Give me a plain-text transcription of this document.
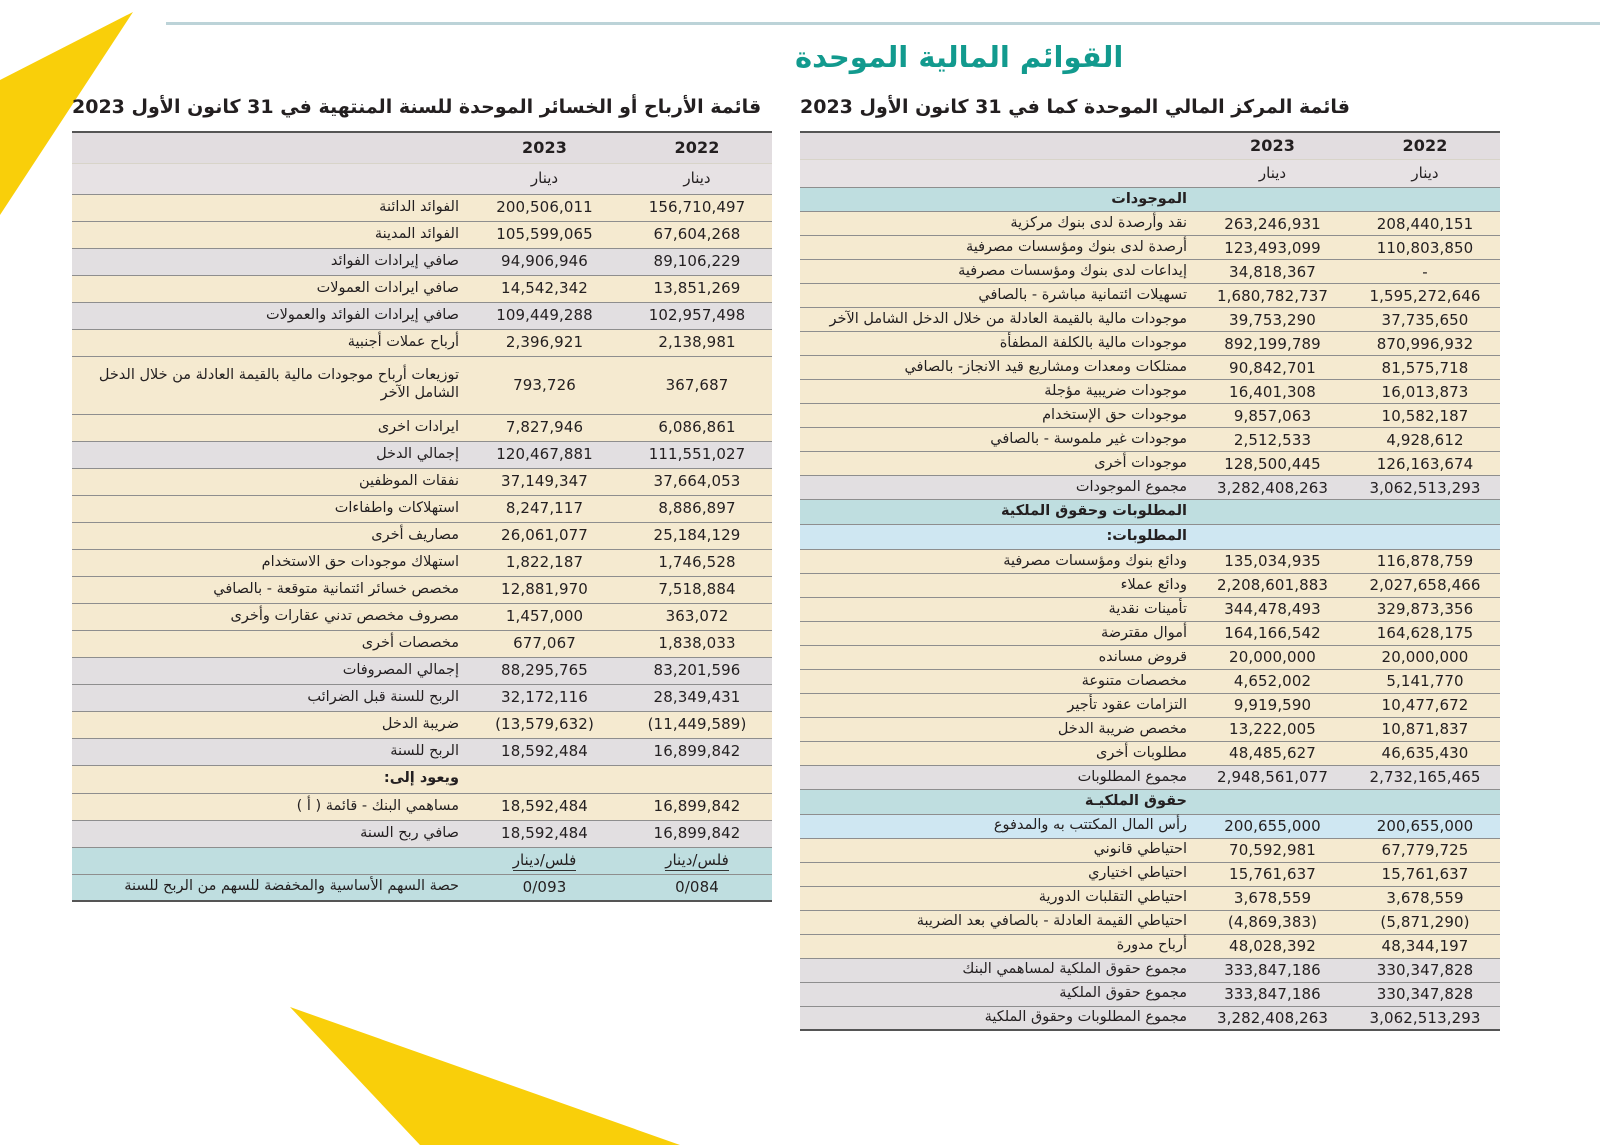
القوائم المالية الموحدة
قائمة المركز المالي الموحدة كما في 31 كانون الأول 2023
2022	2023	
دينار	دينار	
		الموجودات
208,440,151	263,246,931	نقد وأرصدة لدى بنوك مركزية
110,803,850	123,493,099	أرصدة لدى بنوك ومؤسسات مصرفية
-	34,818,367	إيداعات لدى بنوك ومؤسسات مصرفية
1,595,272,646	1,680,782,737	تسهيلات ائتمانية مباشرة - بالصافي
37,735,650	39,753,290	موجودات مالية بالقيمة العادلة من خلال الدخل الشامل الآخر
870,996,932	892,199,789	موجودات مالية بالكلفة المطفأة
81,575,718	90,842,701	ممتلكات ومعدات ومشاريع قيد الانجاز- بالصافي
16,013,873	16,401,308	موجودات ضريبية مؤجلة
10,582,187	9,857,063	موجودات حق الإستخدام
4,928,612	2,512,533	موجودات غير ملموسة - بالصافي
126,163,674	128,500,445	موجودات أخرى
3,062,513,293	3,282,408,263	مجموع الموجودات
		المطلوبات وحقوق الملكية
		المطلوبات:
116,878,759	135,034,935	ودائع بنوك ومؤسسات مصرفية
2,027,658,466	2,208,601,883	ودائع عملاء
329,873,356	344,478,493	تأمينات نقدية
164,628,175	164,166,542	أموال مقترضة
20,000,000	20,000,000	قروض مسانده
5,141,770	4,652,002	مخصصات متنوعة
10,477,672	9,919,590	التزامات عقود تأجير
10,871,837	13,222,005	مخصص ضريبة الدخل
46,635,430	48,485,627	مطلوبات أخرى
2,732,165,465	2,948,561,077	مجموع المطلوبات
		حقوق الملكيـة
200,655,000	200,655,000	رأس المال المكتتب به والمدفوع
67,779,725	70,592,981	احتياطي قانوني
15,761,637	15,761,637	احتياطي اختياري
3,678,559	3,678,559	احتياطي التقلبات الدورية
(5,871,290)	(4,869,383)	احتياطي القيمة العادلة - بالصافي بعد الضريبة
48,344,197	48,028,392	أرباح مدورة
330,347,828	333,847,186	مجموع حقوق الملكية لمساهمي البنك
330,347,828	333,847,186	مجموع حقوق الملكية
3,062,513,293	3,282,408,263	مجموع المطلوبات وحقوق الملكية
قائمة الأرباح أو الخسائر الموحدة للسنة المنتهية في 31 كانون الأول 2023
2022	2023	
دينار	دينار	
156,710,497	200,506,011	الفوائد الدائنة
67,604,268	105,599,065	الفوائد المدينة
89,106,229	94,906,946	صافي إيرادات الفوائد
13,851,269	14,542,342	صافي ايرادات العمولات
102,957,498	109,449,288	صافي إيرادات الفوائد والعمولات
2,138,981	2,396,921	أرباح عملات أجنبية
367,687	793,726	توزيعات أرباح موجودات مالية بالقيمة العادلة من خلال الدخل الشامل الآخر
6,086,861	7,827,946	ايرادات اخرى
111,551,027	120,467,881	إجمالي الدخل
37,664,053	37,149,347	نفقات الموظفين
8,886,897	8,247,117	استهلاكات واطفاءات
25,184,129	26,061,077	مصاريف أخرى
1,746,528	1,822,187	استهلاك موجودات حق الاستخدام
7,518,884	12,881,970	مخصص خسائر ائتمانية متوقعة - بالصافي
363,072	1,457,000	مصروف مخصص تدني عقارات وأخرى
1,838,033	677,067	مخصصات أخرى
83,201,596	88,295,765	إجمالي المصروفات
28,349,431	32,172,116	الربح للسنة قبل الضرائب
(11,449,589)	(13,579,632)	ضريبة الدخل
16,899,842	18,592,484	الربح للسنة
		ويعود إلى:
16,899,842	18,592,484	مساهمي البنك - قائمة ( أ )
16,899,842	18,592,484	صافي ربح السنة
فلس/دينار	فلس/دينار	
0/084	0/093	حصة السهم الأساسية والمخفضة للسهم من الربح للسنة
